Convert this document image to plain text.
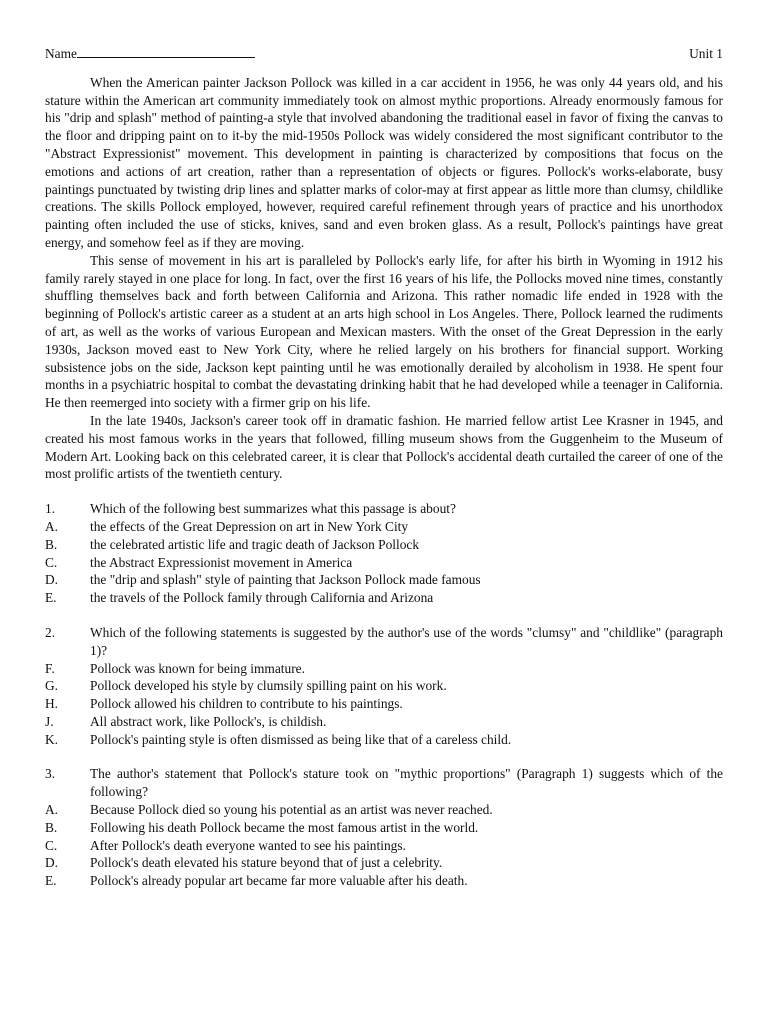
Name	Unit 1

When the American painter Jackson Pollock was killed in a car accident in 1956, he was only 44 years old, and his stature within the American art community immediately took on almost mythic proportions. Already enormously famous for his "drip and splash" method of painting-a style that involved abandoning the traditional easel in favor of fixing the canvas to the floor and dripping paint on to it-by the mid-1950s Pollock was widely considered the most significant contributor to the "Abstract Expressionist" movement. This development in painting is characterized by compositions that focus on the emotions and actions of art creation, rather than a representation of objects or figures. Pollock's works-elaborate, busy paintings punctuated by twisting drip lines and splatter marks of color-may at first appear as little more than clumsy, childlike creations. The skills Pollock employed, however, required careful refinement through years of practice and his unorthodox painting often included the use of sticks, knives, sand and even broken glass. As a result, Pollock's paintings have great energy, and somehow feel as if they are moving.

This sense of movement in his art is paralleled by Pollock's early life, for after his birth in Wyoming in 1912 his family rarely stayed in one place for long. In fact, over the first 16 years of his life, the Pollocks moved nine times, constantly shuffling themselves back and forth between California and Arizona. This rather nomadic life ended in 1928 with the beginning of Pollock's artistic career as a student at an arts high school in Los Angeles. There, Pollock learned the rudiments of art, as well as the works of various European and Mexican masters. With the onset of the Great Depression in the early 1930s, Jackson moved east to New York City, where he relied largely on his brothers for financial support. Working subsistence jobs on the side, Jackson kept painting until he was emotionally derailed by alcoholism in 1938. He spent four months in a psychiatric hospital to combat the devastating drinking habit that he had developed while a teenager in California. He then reemerged into society with a firmer grip on his life.

In the late 1940s, Jackson's career took off in dramatic fashion. He married fellow artist Lee Krasner in 1945, and created his most famous works in the years that followed, filling museum shows from the Guggenheim to the Museum of Modern Art. Looking back on this celebrated career, it is clear that Pollock's accidental death curtailed the career of one of the most prolific artists of the twentieth century.

1.	Which of the following best summarizes what this passage is about?
A.	the effects of the Great Depression on art in New York City
B.	the celebrated artistic life and tragic death of Jackson Pollock
C.	the Abstract Expressionist movement in America
D.	the "drip and splash" style of painting that Jackson Pollock made famous
E.	the travels of the Pollock family through California and Arizona
2.	Which of the following statements is suggested by the author's use of the words "clumsy" and "childlike" (paragraph 1)?
F.	Pollock was known for being immature.
G.	Pollock developed his style by clumsily spilling paint on his work.
H.	Pollock allowed his children to contribute to his paintings.
J.	All abstract work, like Pollock's, is childish.
K.	Pollock's painting style is often dismissed as being like that of a careless child.
3.	The author's statement that Pollock's stature took on "mythic proportions" (Paragraph 1) suggests which of the following?
A.	Because Pollock died so young his potential as an artist was never reached.
B.	Following his death Pollock became the most famous artist in the world.
C.	After Pollock's death everyone wanted to see his paintings.
D.	Pollock's death elevated his stature beyond that of just a celebrity.
E.	Pollock's already popular art became far more valuable after his death.
